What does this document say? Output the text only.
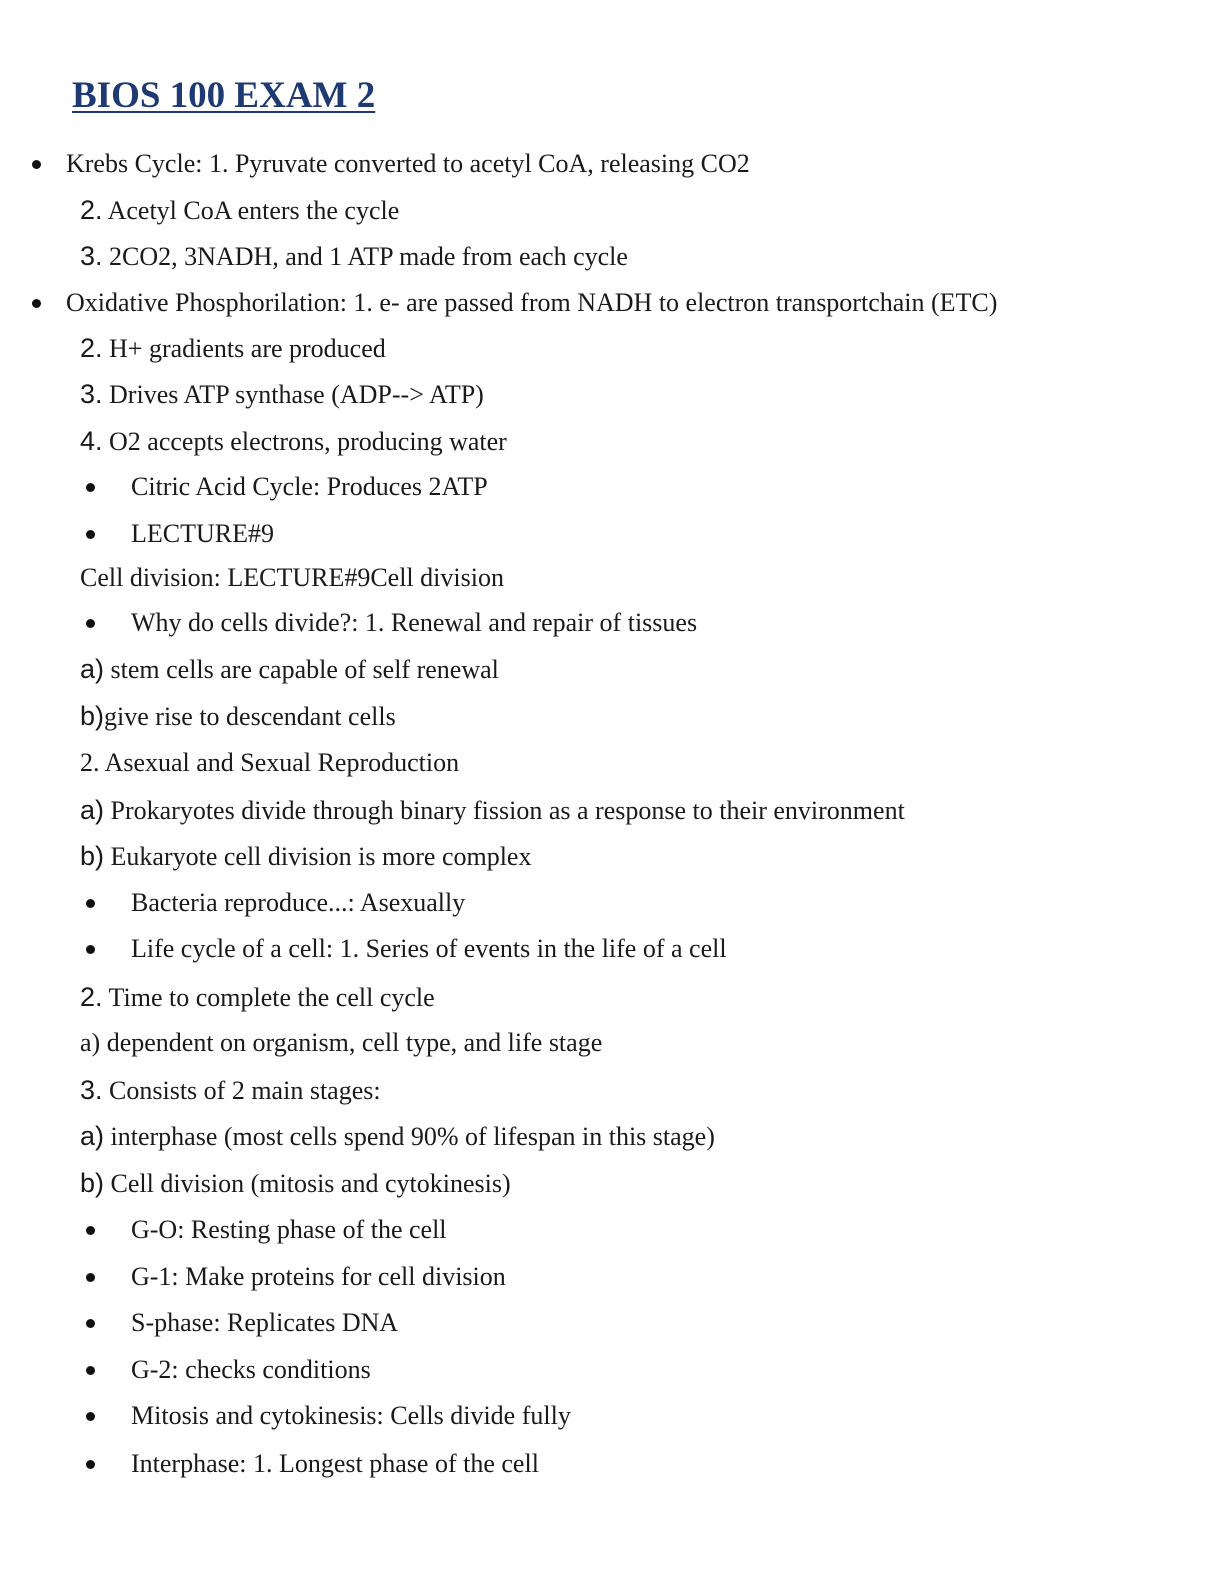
BIOS 100 EXAM 2
Krebs Cycle: 1. Pyruvate converted to acetyl CoA, releasing CO2
2. Acetyl CoA enters the cycle
3. 2CO2, 3NADH, and 1 ATP made from each cycle
Oxidative Phosphorilation: 1. e- are passed from NADH to electron transportchain (ETC)
2. H+ gradients are produced
3. Drives ATP synthase (ADP--> ATP)
4. O2 accepts electrons, producing water
Citric Acid Cycle: Produces 2ATP
LECTURE#9
Cell division: LECTURE#9Cell division
Why do cells divide?: 1. Renewal and repair of tissues
a) stem cells are capable of self renewal
b)give rise to descendant cells
2. Asexual and Sexual Reproduction
a) Prokaryotes divide through binary fission as a response to their environment
b) Eukaryote cell division is more complex
Bacteria reproduce...: Asexually
Life cycle of a cell: 1. Series of events in the life of a cell
2. Time to complete the cell cycle
a) dependent on organism, cell type, and life stage
3. Consists of 2 main stages:
a) interphase (most cells spend 90% of lifespan in this stage)
b) Cell division (mitosis and cytokinesis)
G-O: Resting phase of the cell
G-1: Make proteins for cell division
S-phase: Replicates DNA
G-2: checks conditions
Mitosis and cytokinesis: Cells divide fully
Interphase: 1. Longest phase of the cell
